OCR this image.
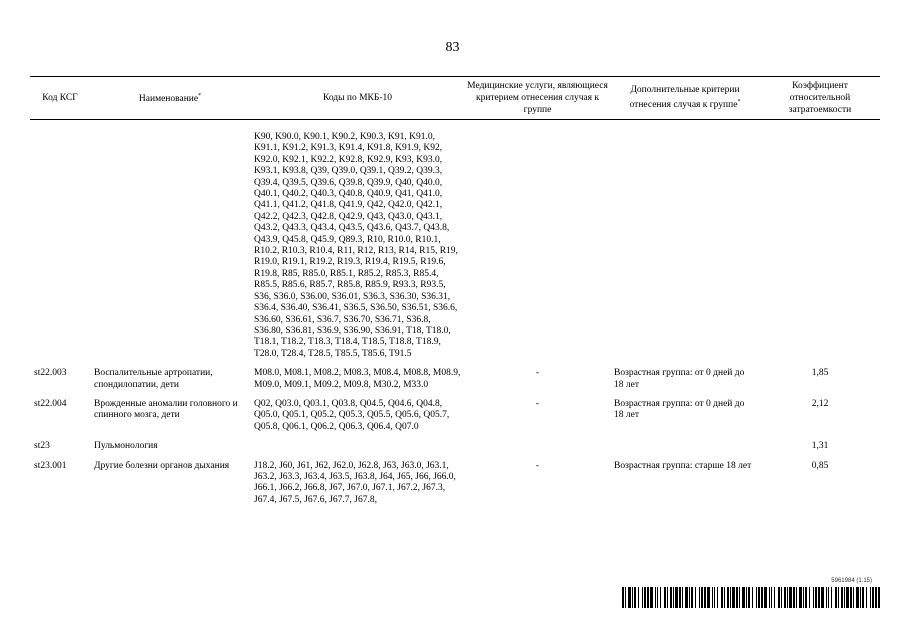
83
Код КСГ	Наименование*	Коды по МКБ-10	Медицинские услуги, являющиеся критерием отнесения случая к группе	Дополнительные критерии отнесения случая к группе*	Коэффициент относительной затратоемкости
		K90, K90.0, K90.1, K90.2, K90.3, K91, K91.0, K91.1, K91.2, K91.3, K91.4, K91.8, K91.9, K92, K92.0, K92.1, K92.2, K92.8, K92.9, K93, K93.0, K93.1, K93.8, Q39, Q39.0, Q39.1, Q39.2, Q39.3, Q39.4, Q39.5, Q39.6, Q39.8, Q39.9, Q40, Q40.0, Q40.1, Q40.2, Q40.3, Q40.8, Q40.9, Q41, Q41.0, Q41.1, Q41.2, Q41.8, Q41.9, Q42, Q42.0, Q42.1, Q42.2, Q42.3, Q42.8, Q42.9, Q43, Q43.0, Q43.1, Q43.2, Q43.3, Q43.4, Q43.5, Q43.6, Q43.7, Q43.8, Q43.9, Q45.8, Q45.9, Q89.3, R10, R10.0, R10.1, R10.2, R10.3, R10.4, R11, R12, R13, R14, R15, R19, R19.0, R19.1, R19.2, R19.3, R19.4, R19.5, R19.6, R19.8, R85, R85.0, R85.1, R85.2, R85.3, R85.4, R85.5, R85.6, R85.7, R85.8, R85.9, R93.3, R93.5, S36, S36.0, S36.00, S36.01, S36.3, S36.30, S36.31, S36.4, S36.40, S36.41, S36.5, S36.50, S36.51, S36.6, S36.60, S36.61, S36.7, S36.70, S36.71, S36.8, S36.80, S36.81, S36.9, S36.90, S36.91, T18, T18.0, T18.1, T18.2, T18.3, T18.4, T18.5, T18.8, T18.9, T28.0, T28.4, T28.5, T85.5, T85.6, T91.5			
st22.003	Воспалительные артропатии, спондилопатии, дети	M08.0, M08.1, M08.2, M08.3, M08.4, M08.8, M08.9, M09.0, M09.1, M09.2, M09.8, M30.2, M33.0	-	Возрастная группа: от 0 дней до 18 лет	1,85
st22.004	Врожденные аномалии головного и спинного мозга, дети	Q02, Q03.0, Q03.1, Q03.8, Q04.5, Q04.6, Q04.8, Q05.0, Q05.1, Q05.2, Q05.3, Q05.5, Q05.6, Q05.7, Q05.8, Q06.1, Q06.2, Q06.3, Q06.4, Q07.0	-	Возрастная группа: от 0 дней до 18 лет	2,12
st23	Пульмонология				1,31
st23.001	Другие болезни органов дыхания	J18.2, J60, J61, J62, J62.0, J62.8, J63, J63.0, J63.1, J63.2, J63.3, J63.4, J63.5, J63.8, J64, J65, J66, J66.0, J66.1, J66.2, J66.8, J67, J67.0, J67.1, J67.2, J67.3, J67.4, J67.5, J67.6, J67.7, J67.8,	-	Возрастная группа: старше 18 лет	0,85
5961984 (1.15)
